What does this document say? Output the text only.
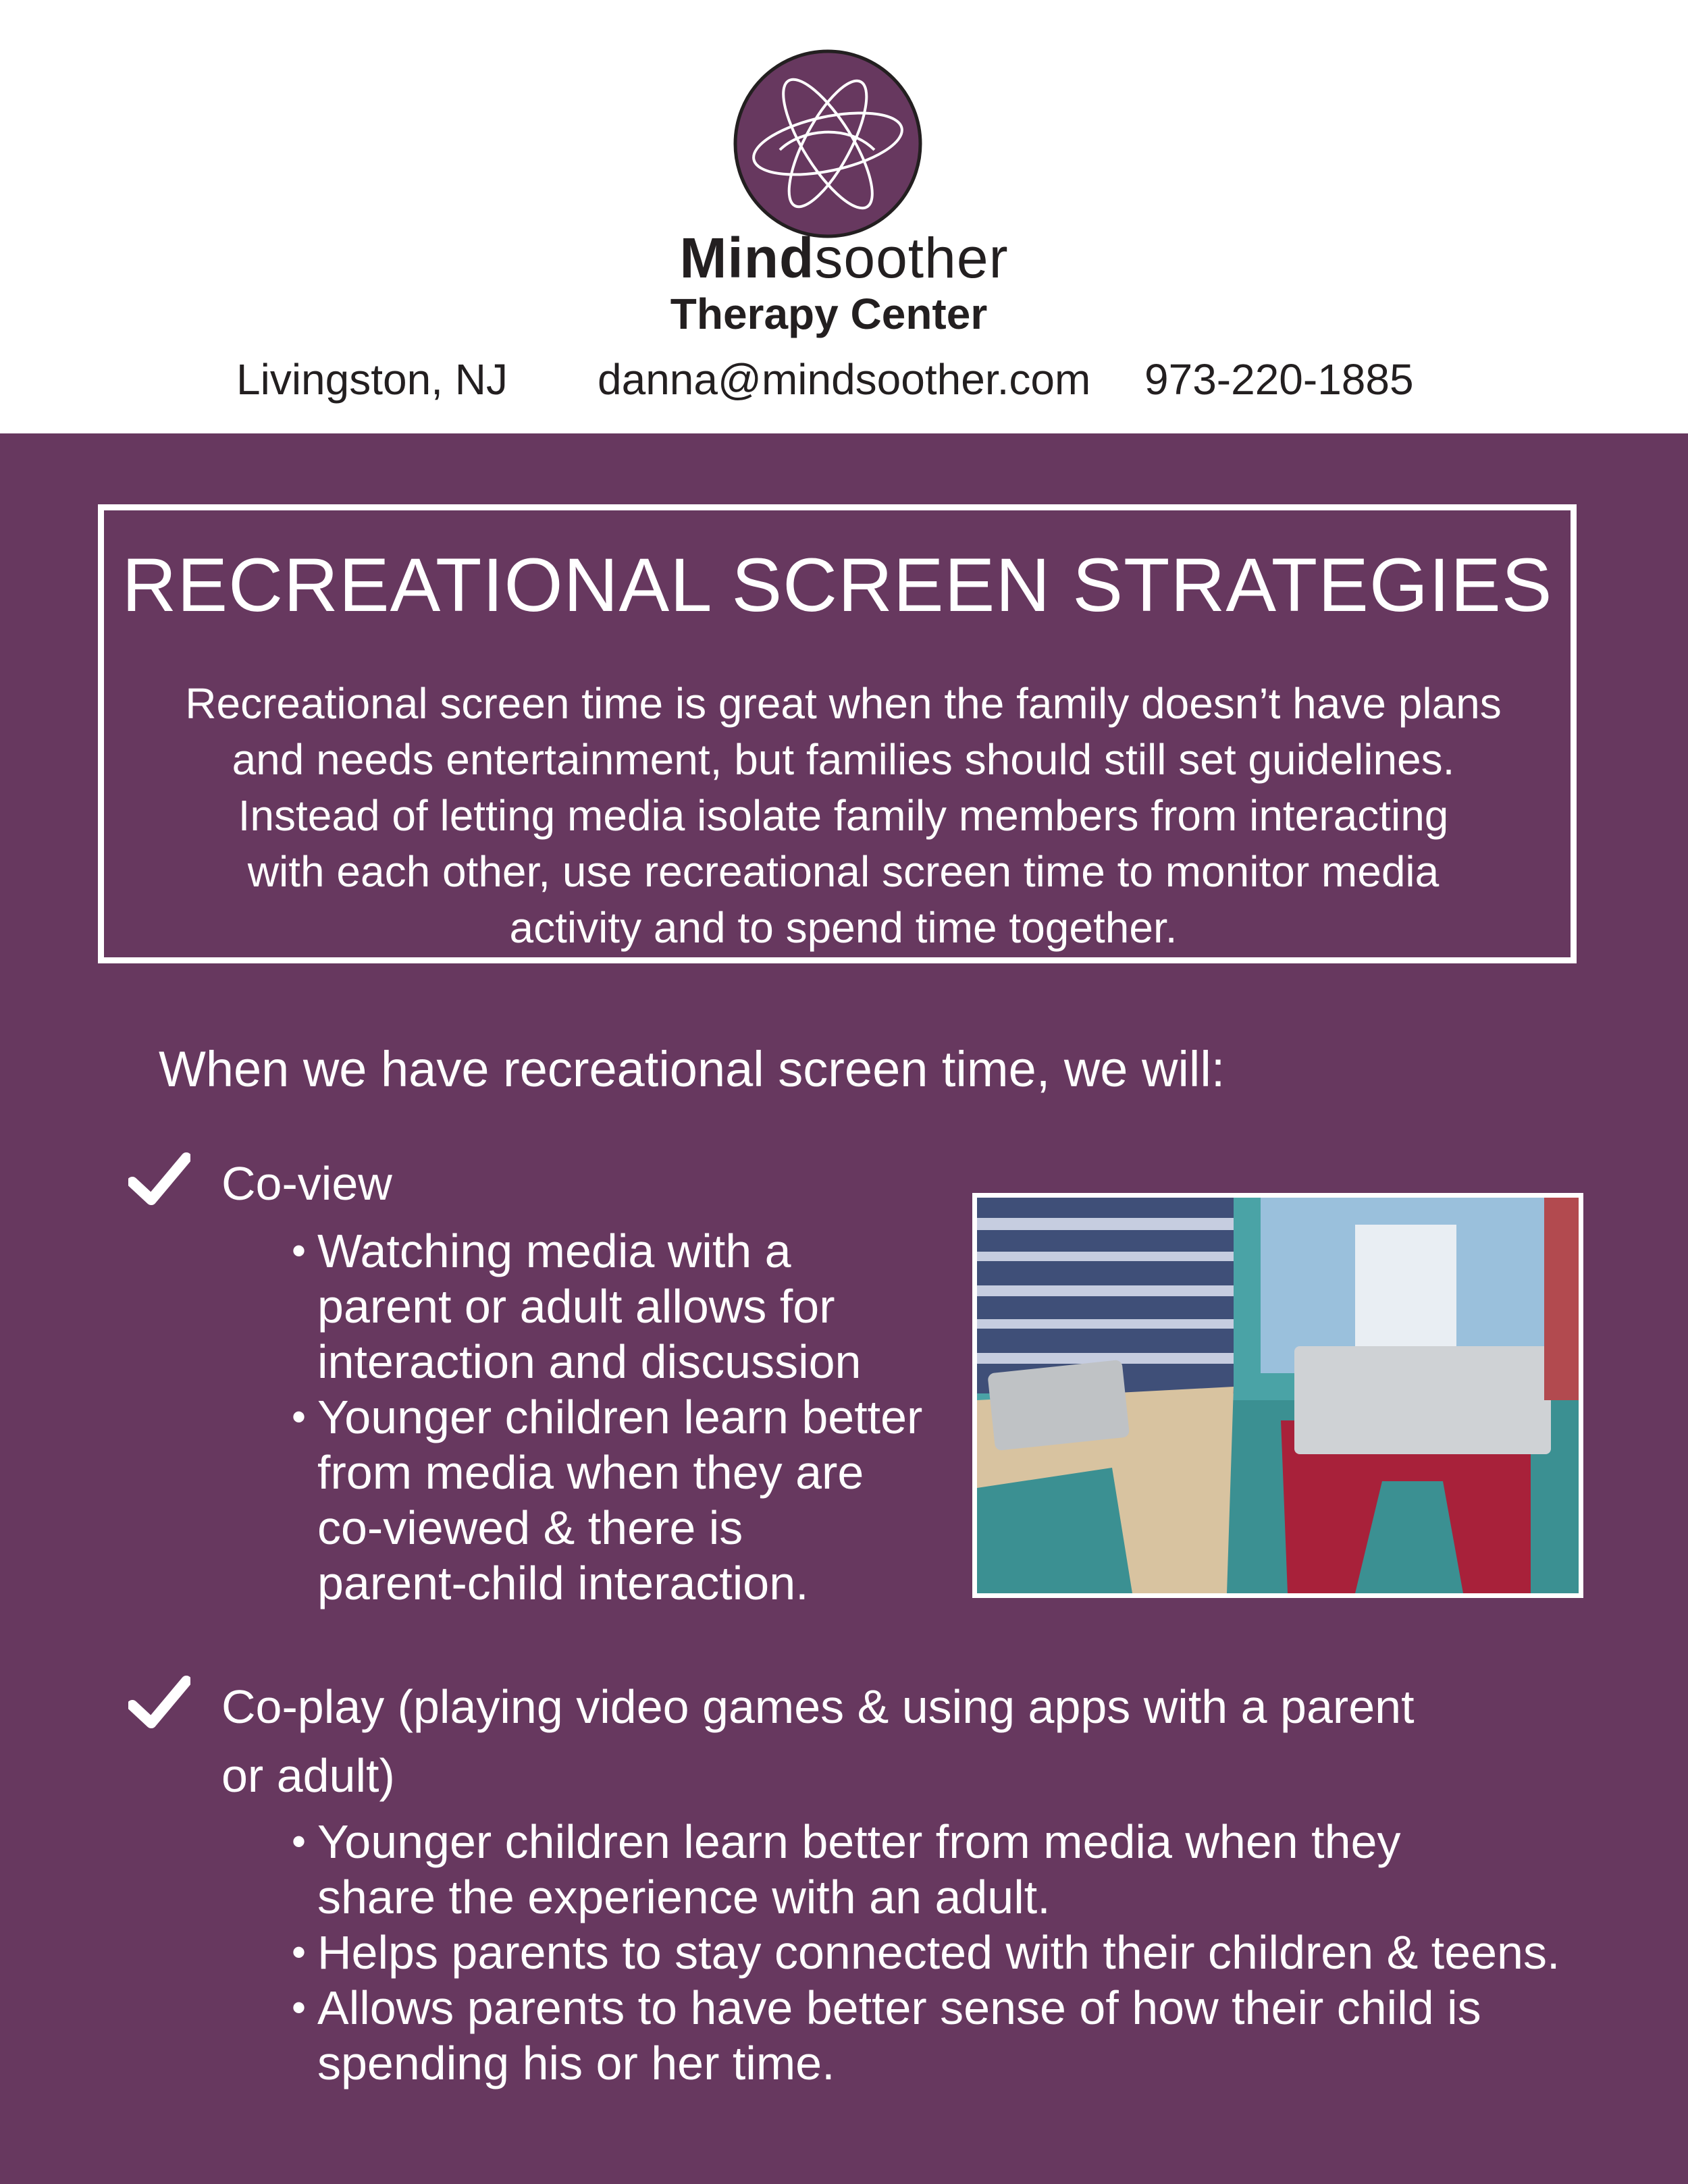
Mindsoother
Therapy Center
Livingston, NJ danna@mindsoother.com 973-220-1885
RECREATIONAL SCREEN STRATEGIES
Recreational screen time is great when the family doesn’t have plans
and needs entertainment, but families should still set guidelines.
Instead of letting media isolate family members from interacting
with each other, use recreational screen time to monitor media
activity and to spend time together.
When we have recreational screen time, we will:
Co-view
• Watching media with a
parent or adult allows for
interaction and discussion
• Younger children learn better
from media when they are
co-viewed & there is
parent-child interaction.
Co-play (playing video games & using apps with a parent
or adult)
• Younger children learn better from media when they
share the experience with an adult.
• Helps parents to stay connected with their children & teens.
• Allows parents to have better sense of how their child is
spending his or her time.
